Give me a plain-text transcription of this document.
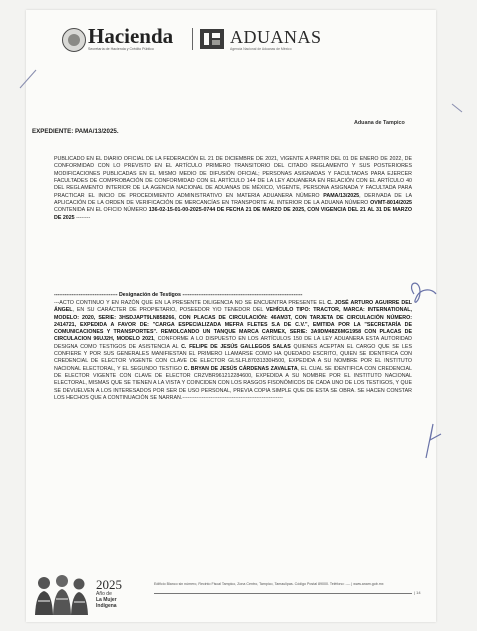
Hacienda
Secretaría de Hacienda y Crédito Público
ADUANAS
Agencia Nacional de Aduanas de México
Aduana de Tampico
EXPEDIENTE: PAMA/13/2025.

PUBLICADO EN EL DIARIO OFICIAL DE LA FEDERACIÓN EL 21 DE DICIEMBRE DE 2021, VIGENTE A PARTIR DEL 01 DE ENERO DE 2022, DE CONFORMIDAD CON LO PREVISTO EN EL ARTÍCULO PRIMERO TRANSITORIO DEL CITADO REGLAMENTO Y SUS POSTERIORES MODIFICACIONES PUBLICADAS EN EL MISMO MEDIO DE DIFUSIÓN OFICIAL; PERSONAS ASIGNADAS Y FACULTADAS PARA EJERCER FACULTADES DE COMPROBACIÓN DE CONFORMIDAD CON EL ARTÍCULO 144 DE LA LEY ADUANERA EN RELACIÓN CON EL ARTÍCULO 40 DEL REGLAMENTO INTERIOR DE LA AGENCIA NACIONAL DE ADUANAS DE MÉXICO, VIGENTE, PERSONA ASIGNADA Y FACULTADA PARA PRACTICAR EL INICIO DE PROCEDIMIENTO ADMINISTRATIVO EN MATERIA ADUANERA NÚMERO PAMA/13/2025, DERIVADA DE LA APLICACIÓN DE LA ORDEN DE VERIFICACIÓN DE MERCANCÍAS EN TRANSPORTE AL INTERIOR DE LA ADUANA NÚMERO OVMT-8014/2025 CONTENIDA EN EL OFICIO NÚMERO 136-02-15-01-00-2025-0744 DE FECHA 21 DE MARZO DE 2025, CON VIGENCIA DEL 21 AL 31 DE MARZO DE 2025 --------

------------------------------------ Designación de Testigos --------------------------------------------------------------------
---ACTO CONTINUO Y EN RAZÓN QUE EN LA PRESENTE DILIGENCIA NO SE ENCUENTRA PRESENTE EL C. JOSÉ ARTURO AGUIRRE DEL ÁNGEL, EN SU CARÁCTER DE PROPIETARIO, POSEEDOR Y/O TENEDOR DEL VEHÍCULO TIPO: TRACTOR, MARCA: INTERNATIONAL, MODELO: 2020, SERIE: 3HSDJAPT9LN858266, CON PLACAS DE CIRCULACIÓN: 46AM3T, CON TARJETA DE CIRCULACIÓN NÚMERO: 2414721, EXPEDIDA A FAVOR DE: "CARGA ESPECIALIZADA MEFRA FLETES S.A DE C.V.", EMITIDA POR LA "SECRETARÍA DE COMUNICACIONES Y TRANSPORTES". REMOLCANDO UN TANQUE MARCA CARMEX, SERIE: 3A9DM48Z6MG1958 CON PLACAS DE CIRCULACION 96UJ2H, MODELO 2021, CONFORME A LO DISPUESTO EN LOS ARTÍCULOS 150 DE LA LEY ADUANERA ESTA AUTORIDAD DESIGNA COMO TESTIGOS DE ASISTENCIA AL C. FELIPE DE JESÚS GALLEGOS SALAS QUIENES ACEPTAN EL CARGO QUE SE LES CONFIERE Y POR SUS GENERALES MANIFIESTAN EL PRIMERO LLAMARSE COMO HA QUEDADO ESCRITO, QUIEN SE IDENTIFICA CON CREDENCIAL DE ELECTOR VIGENTE CON CLAVE DE ELECTOR GLSLFL87031330H500, EXPEDIDA A SU NOMBRE POR EL INSTITUTO NACIONAL ELECTORAL, Y EL SEGUNDO TESTIGO C. BRYAN DE JESÚS CÁRDENAS ZAVALETA, EL CUAL SE IDENTIFICA CON CREDENCIAL DE ELECTOR VIGENTE CON CLAVE DE ELECTOR CRZVBR961212284600, EXPEDIDA A SU NOMBRE POR EL INSTITUTO NACIONAL ELECTORAL, MISMAS QUE SE TIENEN A LA VISTA Y COINCIDEN CON LOS RASGOS FISONÓMICOS DE CADA UNO DE LOS TESTIGOS, Y QUE SE DEVUELVEN A LOS INTERESADOS POR SER DE USO PERSONAL, PREVIA COPIA SIMPLE QUE DE ESTA SE OBRA. SE HACEN CONSTAR LOS HECHOS QUE A CONTINUACIÓN SE NARRAN.---------------------------------------------------------
2025
Año de
La Mujer Indígena
Edificio Blanco sin número, Recinto Fiscal Tampico, Zona Centro, Tampico, Tamaulipas. Código Postal 89000. Teléfono: ---- | www.anam.gob.mx
| 14
